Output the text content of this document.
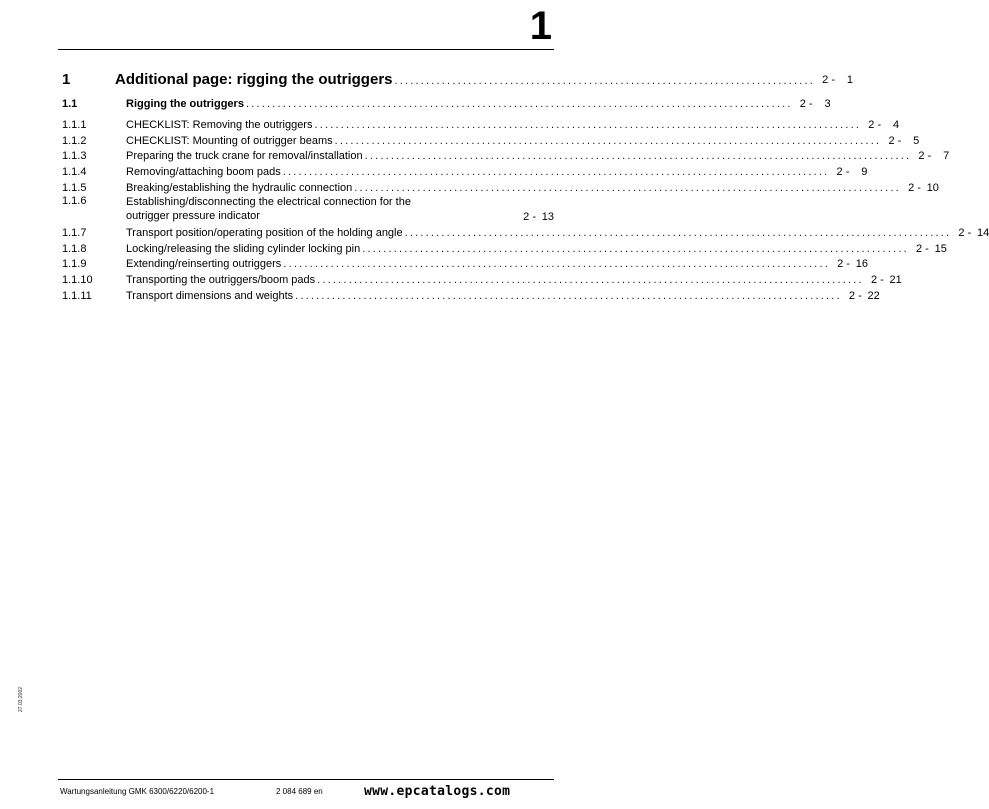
1
1	Additional page: rigging the outriggers ................................................................................ 2 - 1
1.1	Rigging the outriggers ........................................................................................................ 2 - 3
1.1.1	CHECKLIST: Removing the outriggers ........................................................................................................ 2 - 4
1.1.2	CHECKLIST: Mounting of outrigger beams ........................................................................................................ 2 - 5
1.1.3	Preparing the truck crane for removal/installation ........................................................................................................ 2 - 7
1.1.4	Removing/attaching boom pads ........................................................................................................ 2 - 9
1.1.5	Breaking/establishing the hydraulic connection ........................................................................................................ 2 - 10
1.1.6	Establishing/disconnecting the electrical connection for the outrigger pressure indicator	2 - 13
1.1.7	Transport position/operating position of the holding angle ........................................................................................................ 2 - 14
1.1.8	Locking/releasing the sliding cylinder locking pin ........................................................................................................ 2 - 15
1.1.9	Extending/reinserting outriggers ........................................................................................................ 2 - 16
1.1.10	Transporting the outriggers/boom pads ........................................................................................................ 2 - 21
1.1.11	Transport dimensions and weights ........................................................................................................ 2 - 22
27.03.2002
Wartungsanleitung GMK 6300/6220/6200-1	2 084 689 en	www.epcatalogs.com
